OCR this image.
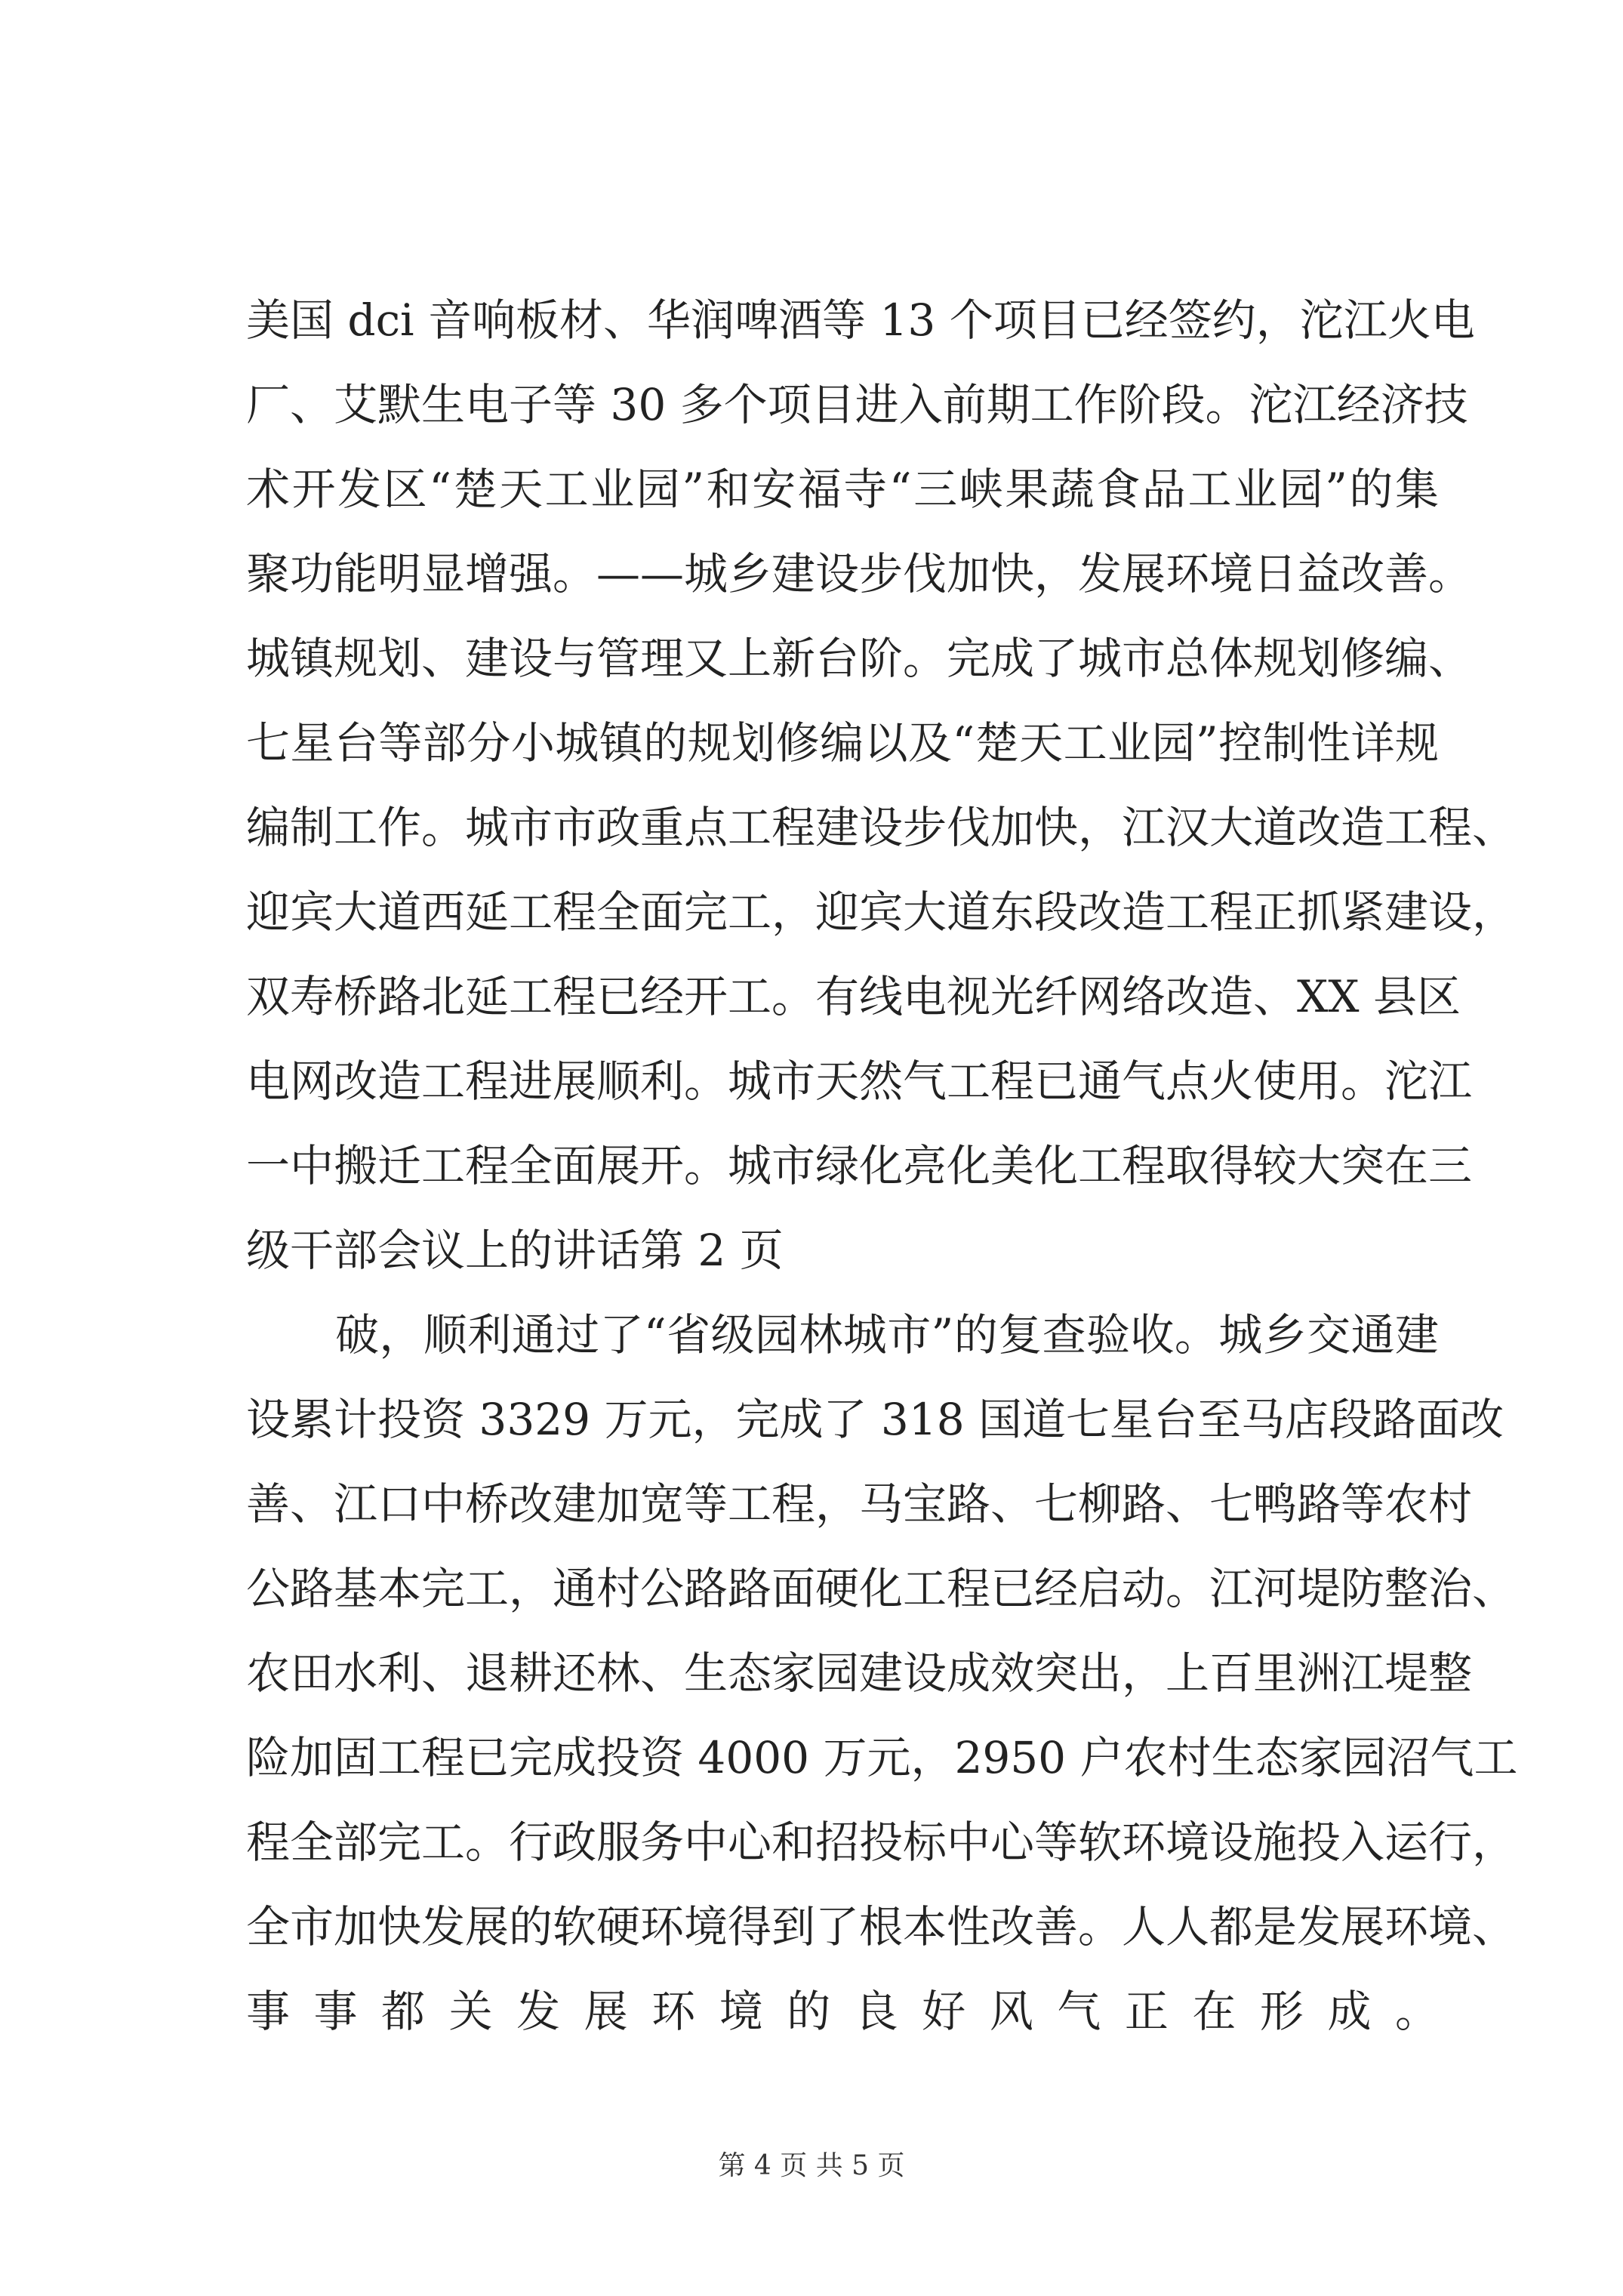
美国 dci 音响板材、华润啤酒等 13 个项目已经签约，沱江火电
厂、艾默生电子等 30 多个项目进入前期工作阶段。沱江经济技
术开发区“楚天工业园”和安福寺“三峡果蔬食品工业园”的集
聚功能明显增强。——城乡建设步伐加快，发展环境日益改善。
城镇规划、建设与管理又上新台阶。完成了城市总体规划修编、
七星台等部分小城镇的规划修编以及“楚天工业园”控制性详规
编制工作。城市市政重点工程建设步伐加快，江汉大道改造工程、
迎宾大道西延工程全面完工，迎宾大道东段改造工程正抓紧建设，
双寿桥路北延工程已经开工。有线电视光纤网络改造、XX 县区
电网改造工程进展顺利。城市天然气工程已通气点火使用。沱江
一中搬迁工程全面展开。城市绿化亮化美化工程取得较大突在三
级干部会议上的讲话第 2 页
破，顺利通过了“省级园林城市”的复查验收。城乡交通建
设累计投资 3329 万元，完成了 318 国道七星台至马店段路面改
善、江口中桥改建加宽等工程，马宝路、七柳路、七鸭路等农村
公路基本完工，通村公路路面硬化工程已经启动。江河堤防整治、
农田水利、退耕还林、生态家园建设成效突出，上百里洲江堤整
险加固工程已完成投资 4000 万元，2950 户农村生态家园沼气工
程全部完工。行政服务中心和招投标中心等软环境设施投入运行，
全市加快发展的软硬环境得到了根本性改善。人人都是发展环境、
事事都关发展环境的良好风气正在形成。
第 4 页 共 5 页
